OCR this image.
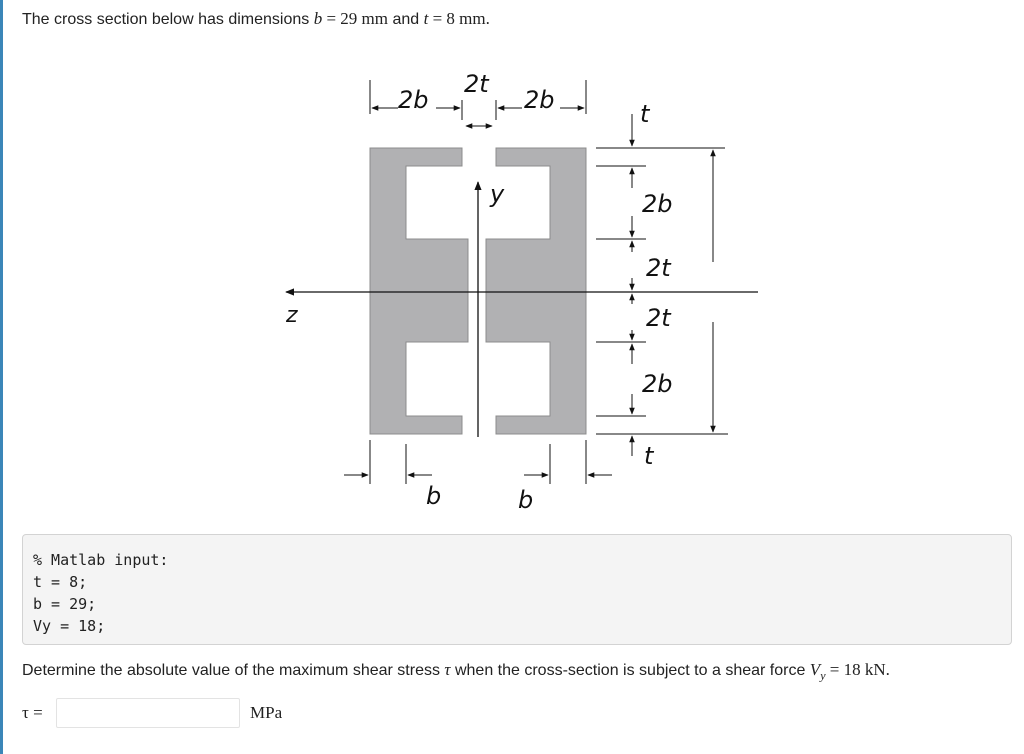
The cross section below has dimensions b = 29 mm and t = 8 mm.
z
y
2b
2t
2b	t
2b
2t
2t
2b
t
b	b
% Matlab input:
t = 8;
b = 29;
Vy = 18;
Determine the absolute value of the maximum shear stress τ when the cross-section is subject to a shear force $V_y = 18$ kN.
τ =	MPa
